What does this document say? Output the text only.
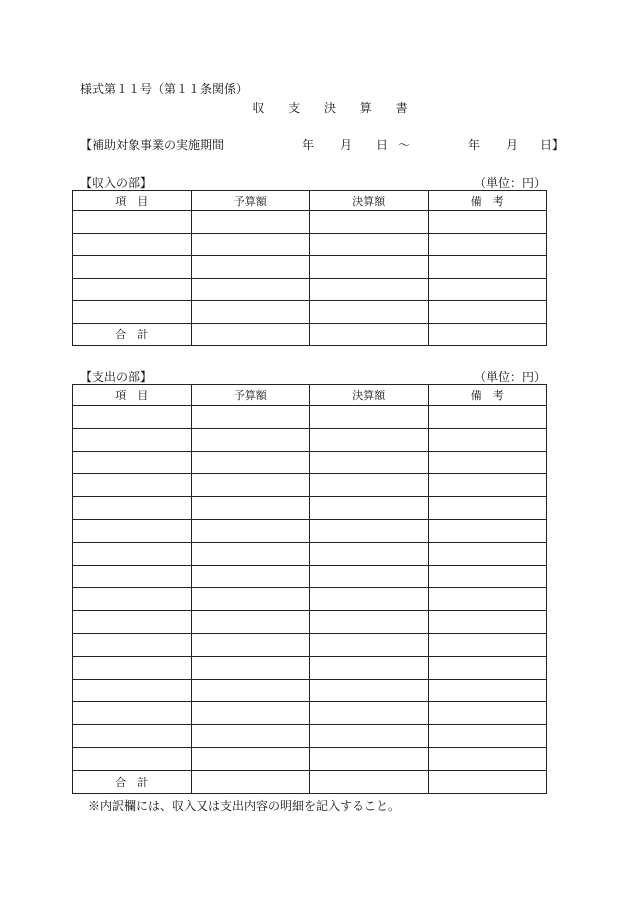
様式第１１号（第１１条関係）
収 支 決 算 書
【補助対象事業の実施期間	年 月 日 ～	年 月 日】
【収入の部】	（単位：円）
項　目	予算額	決算額	備　考

合　計			
【支出の部】	（単位：円）
項　目	予算額	決算額	備　考

合　計			
※内訳欄には、収入又は支出内容の明細を記入すること。
